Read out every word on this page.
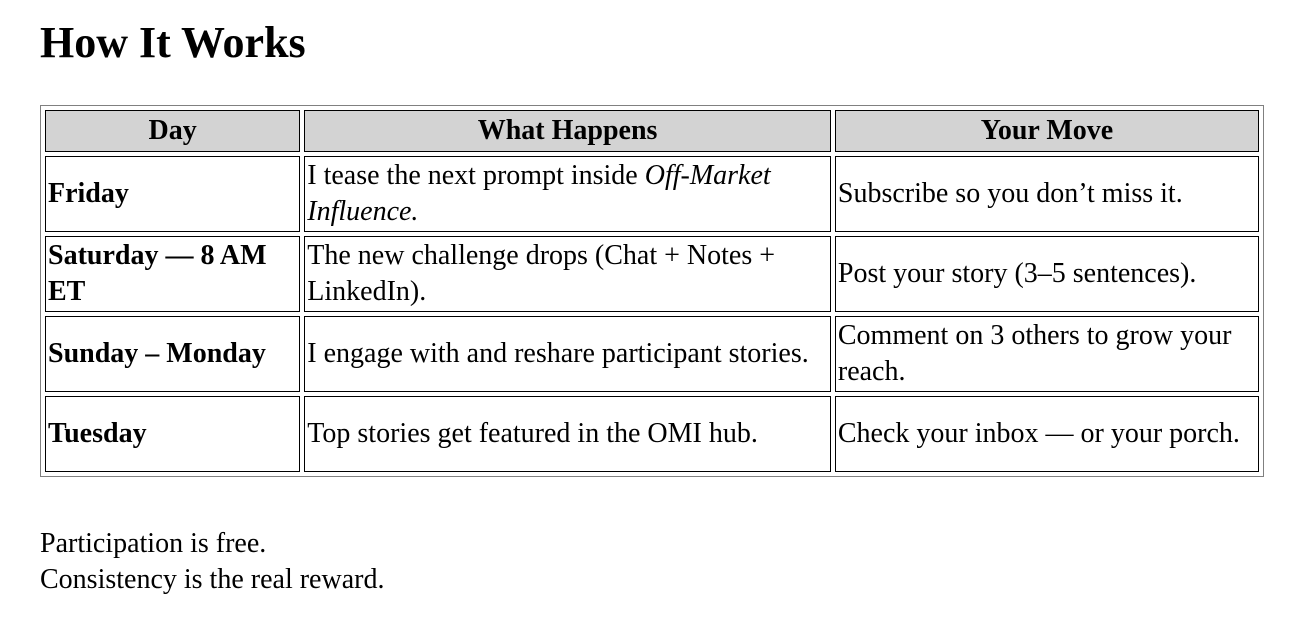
How It Works
Day	What Happens	Your Move
Friday	I tease the next prompt inside Off-Market Influence.	Subscribe so you don’t miss it.
Saturday — 8 AM ET	The new challenge drops (Chat + Notes + LinkedIn).	Post your story (3–5 sentences).
Sunday – Monday	I engage with and reshare participant stories.	Comment on 3 others to grow your reach.
Tuesday	Top stories get featured in the OMI hub.	Check your inbox — or your porch.
Participation is free.
Consistency is the real reward.
